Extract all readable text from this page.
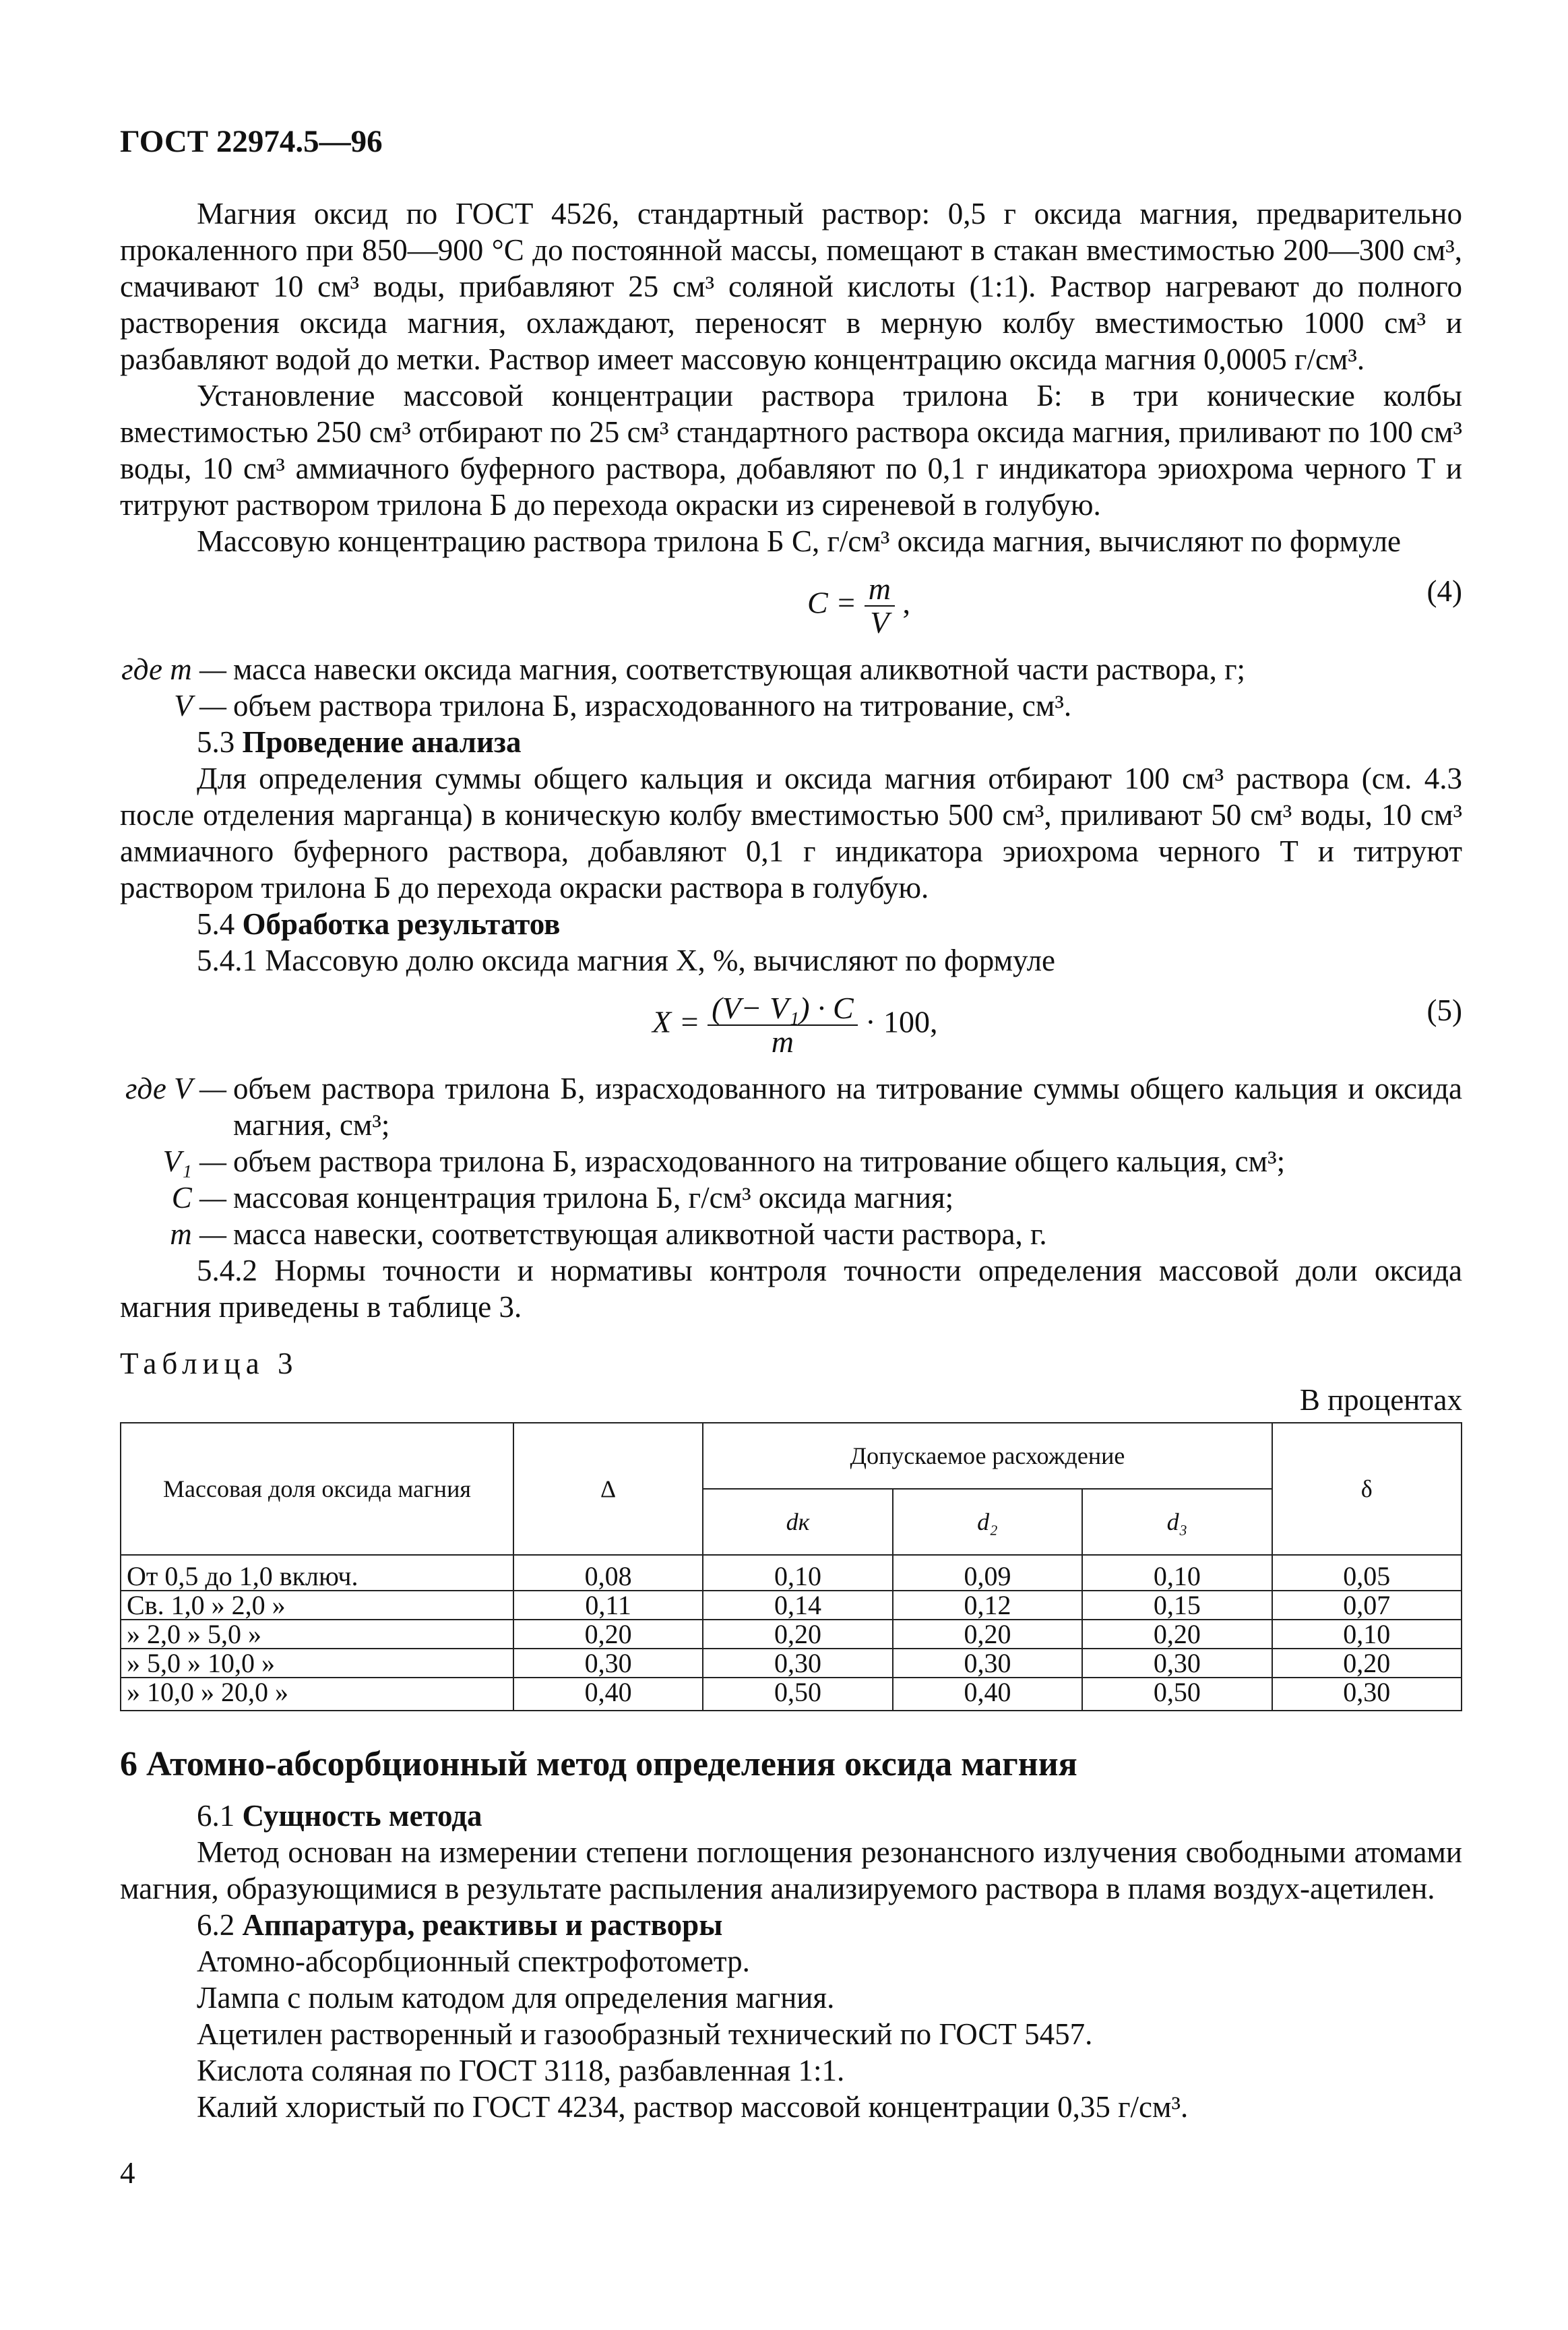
ГОСТ 22974.5—96

Магния оксид по ГОСТ 4526, стандартный раствор: 0,5 г оксида магния, предварительно прокаленного при 850—900 °С до постоянной массы, помещают в стакан вместимостью 200—300 см³, смачивают 10 см³ воды, прибавляют 25 см³ соляной кислоты (1:1). Раствор нагревают до полного растворения оксида магния, охлаждают, переносят в мерную колбу вместимостью 1000 см³ и разбавляют водой до метки. Раствор имеет массовую концентрацию оксида магния 0,0005 г/см³.

Установление массовой концентрации раствора трилона Б: в три конические колбы вместимостью 250 см³ отбирают по 25 см³ стандартного раствора оксида магния, приливают по 100 см³ воды, 10 см³ аммиачного буферного раствора, добавляют по 0,1 г индикатора эриохрома черного Т и титруют раствором трилона Б до перехода окраски из сиреневой в голубую.

Массовую концентрацию раствора трилона Б С, г/см³ оксида магния, вычисляют по формуле

$C = \frac{m}{V}$ ,	(4)
где m — масса навески оксида магния, соответствующая аликвотной части раствора, г;
V — объем раствора трилона Б, израсходованного на титрование, см³.

5.3 Проведение анализа

Для определения суммы общего кальция и оксида магния отбирают 100 см³ раствора (см. 4.3 после отделения марганца) в коническую колбу вместимостью 500 см³, приливают 50 см³ воды, 10 см³ аммиачного буферного раствора, добавляют 0,1 г индикатора эриохрома черного Т и титруют раствором трилона Б до перехода окраски раствора в голубую.

5.4 Обработка результатов

5.4.1 Массовую долю оксида магния X, %, вычисляют по формуле

$X = \frac{\text{(V− V₁) · C}}{m} \cdot 100$,	(5)
где V — объем раствора трилона Б, израсходованного на титрование суммы общего кальция и оксида магния, см³;
V₁ — объем раствора трилона Б, израсходованного на титрование общего кальция, см³;
C — массовая концентрация трилона Б, г/см³ оксида магния;
m — масса навески, соответствующая аликвотной части раствора, г.

5.4.2 Нормы точности и нормативы контроля точности определения массовой доли оксида магния приведены в таблице 3.

Таблица 3

В процентах

Массовая доля оксида магния	Δ	Допускаемое расхождение			δ
		dк	d₂	d₃	
От 0,5 до 1,0 включ.	0,08	0,10	0,09	0,10	0,05
Св. 1,0 » 2,0 »	0,11	0,14	0,12	0,15	0,07
» 2,0 » 5,0 »	0,20	0,20	0,20	0,20	0,10
» 5,0 » 10,0 »	0,30	0,30	0,30	0,30	0,20
» 10,0 » 20,0 »	0,40	0,50	0,40	0,50	0,30
6 Атомно-абсорбционный метод определения оксида магния

6.1 Сущность метода

Метод основан на измерении степени поглощения резонансного излучения свободными атомами магния, образующимися в результате распыления анализируемого раствора в пламя воздух-ацетилен.

6.2 Аппаратура, реактивы и растворы

Атомно-абсорбционный спектрофотометр.

Лампа с полым катодом для определения магния.

Ацетилен растворенный и газообразный технический по ГОСТ 5457.

Кислота соляная по ГОСТ 3118, разбавленная 1:1.

Калий хлористый по ГОСТ 4234, раствор массовой концентрации 0,35 г/см³.

4
